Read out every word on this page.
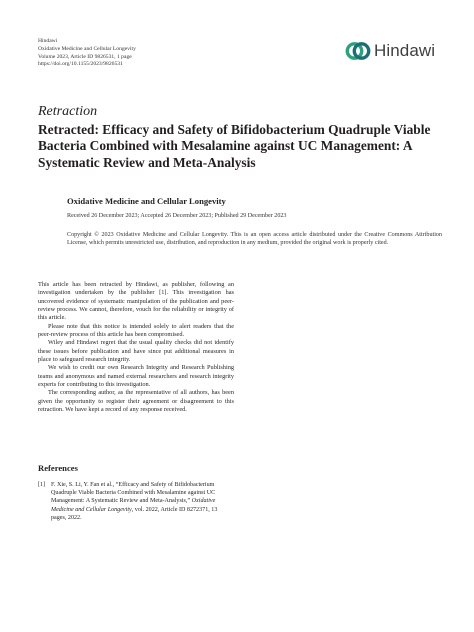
Hindawi
Oxidative Medicine and Cellular Longevity
Volume 2023, Article ID 9826531, 1 page
https://doi.org/10.1155/2023/9826531
Hindawi
Retraction
Retracted: Efficacy and Safety of Bifidobacterium Quadruple Viable Bacteria Combined with Mesalamine against UC Management: A Systematic Review and Meta-Analysis
Oxidative Medicine and Cellular Longevity
Received 26 December 2023; Accepted 26 December 2023; Published 29 December 2023
Copyright © 2023 Oxidative Medicine and Cellular Longevity. This is an open access article distributed under the Creative Commons Attribution License, which permits unrestricted use, distribution, and reproduction in any medium, provided the original work is properly cited.

This article has been retracted by Hindawi, as publisher, following an investigation undertaken by the publisher [1]. This investigation has uncovered evidence of systematic manipulation of the publication and peer-review process. We cannot, therefore, vouch for the reliability or integrity of this article.

Please note that this notice is intended solely to alert readers that the peer-review process of this article has been compromised.

Wiley and Hindawi regret that the usual quality checks did not identify these issues before publication and have since put additional measures in place to safeguard research integrity.

We wish to credit our own Research Integrity and Research Publishing teams and anonymous and named external researchers and research integrity experts for contributing to this investigation.

The corresponding author, as the representative of all authors, has been given the opportunity to register their agreement or disagreement to this retraction. We have kept a record of any response received.

References
[1] F. Xie, S. Li, Y. Fan et al., “Efficacy and Safety of Bifidobacterium Quadruple Viable Bacteria Combined with Mesalamine against UC Management: A Systematic Review and Meta-Analysis,” Oxidative Medicine and Cellular Longevity, vol. 2022, Article ID 8272371, 13 pages, 2022.
